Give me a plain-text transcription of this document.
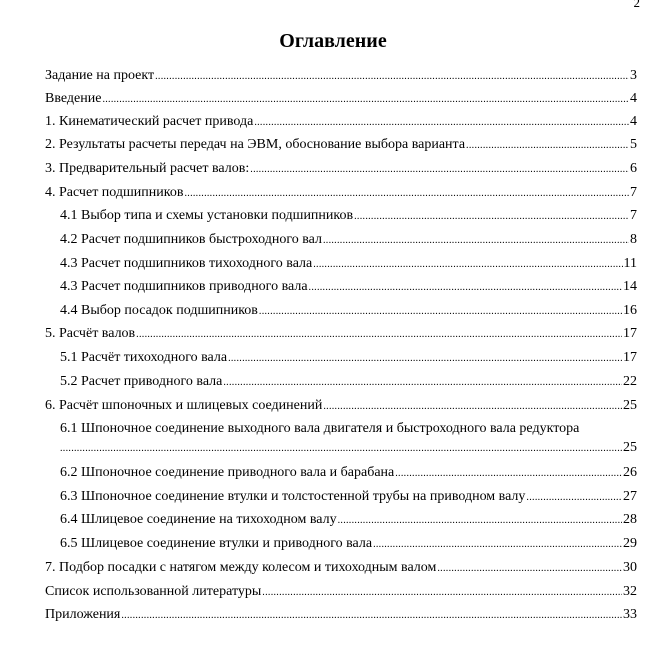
2
Оглавление
Задание на проект .....	3
Введение .....	4
1. Кинематический расчет привода .....	4
2. Результаты расчеты передач на ЭВМ, обоснование выбора варианта .....	5
3. Предварительный расчет валов: .....	6
4. Расчет подшипников .....	7
4.1 Выбор типа и схемы установки подшипников .....	7
4.2 Расчет подшипников быстроходного вал .....	8
4.3 Расчет подшипников тихоходного вала .....	11
4.3 Расчет подшипников приводного вала .....	14
4.4 Выбор посадок подшипников .....	16
5. Расчёт валов .....	17
5.1 Расчёт тихоходного вала .....	17
5.2 Расчет приводного вала .....	22
6. Расчёт шпоночных и шлицевых соединений .....	25
6.1 Шпоночное соединение выходного вала двигателя и быстроходного вала редуктора
.....
25
6.2 Шпоночное соединение приводного вала и барабана .....	26
6.3 Шпоночное соединение втулки и толстостенной трубы на приводном валу .....	27
6.4 Шлицевое соединение на тихоходном валу .....	28
6.5 Шлицевое соединение втулки и приводного вала .....	29
7. Подбор посадки с натягом между колесом и тихоходным валом .....	30
Список использованной литературы .....	32
Приложения .....	33
